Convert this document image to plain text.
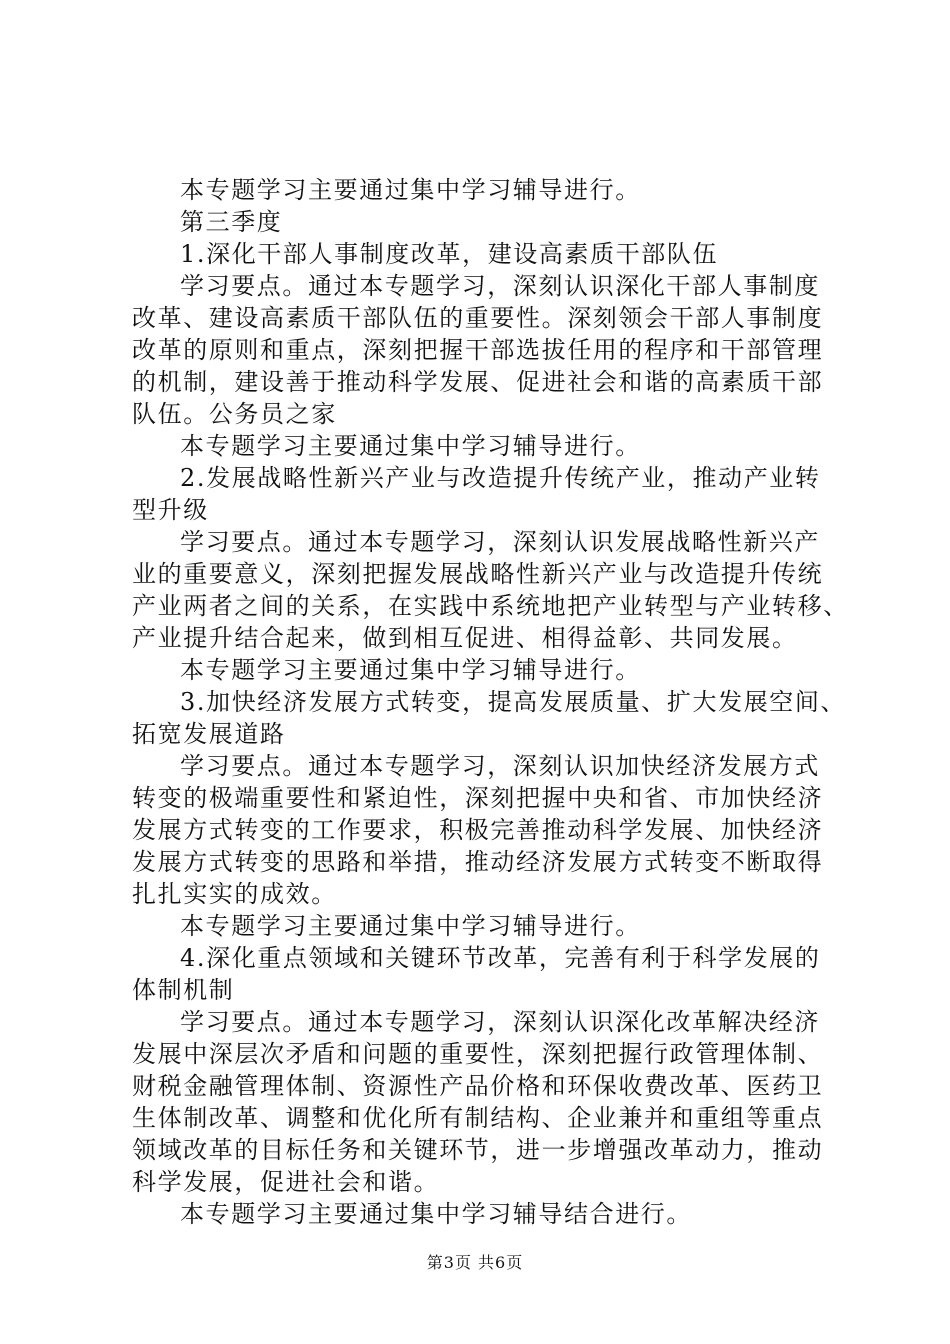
本专题学习主要通过集中学习辅导进行。
第三季度
1.深化干部人事制度改革，建设高素质干部队伍
学习要点。通过本专题学习，深刻认识深化干部人事制度
改革、建设高素质干部队伍的重要性。深刻领会干部人事制度
改革的原则和重点，深刻把握干部选拔任用的程序和干部管理
的机制，建设善于推动科学发展、促进社会和谐的高素质干部
队伍。公务员之家
本专题学习主要通过集中学习辅导进行。
2.发展战略性新兴产业与改造提升传统产业，推动产业转
型升级
学习要点。通过本专题学习，深刻认识发展战略性新兴产
业的重要意义，深刻把握发展战略性新兴产业与改造提升传统
产业两者之间的关系，在实践中系统地把产业转型与产业转移、
产业提升结合起来，做到相互促进、相得益彰、共同发展。
本专题学习主要通过集中学习辅导进行。
3.加快经济发展方式转变，提高发展质量、扩大发展空间、
拓宽发展道路
学习要点。通过本专题学习，深刻认识加快经济发展方式
转变的极端重要性和紧迫性，深刻把握中央和省、市加快经济
发展方式转变的工作要求，积极完善推动科学发展、加快经济
发展方式转变的思路和举措，推动经济发展方式转变不断取得
扎扎实实的成效。
本专题学习主要通过集中学习辅导进行。
4.深化重点领域和关键环节改革，完善有利于科学发展的
体制机制
学习要点。通过本专题学习，深刻认识深化改革解决经济
发展中深层次矛盾和问题的重要性，深刻把握行政管理体制、
财税金融管理体制、资源性产品价格和环保收费改革、医药卫
生体制改革、调整和优化所有制结构、企业兼并和重组等重点
领域改革的目标任务和关键环节，进一步增强改革动力，推动
科学发展，促进社会和谐。
本专题学习主要通过集中学习辅导结合进行。
第3页 共6页
